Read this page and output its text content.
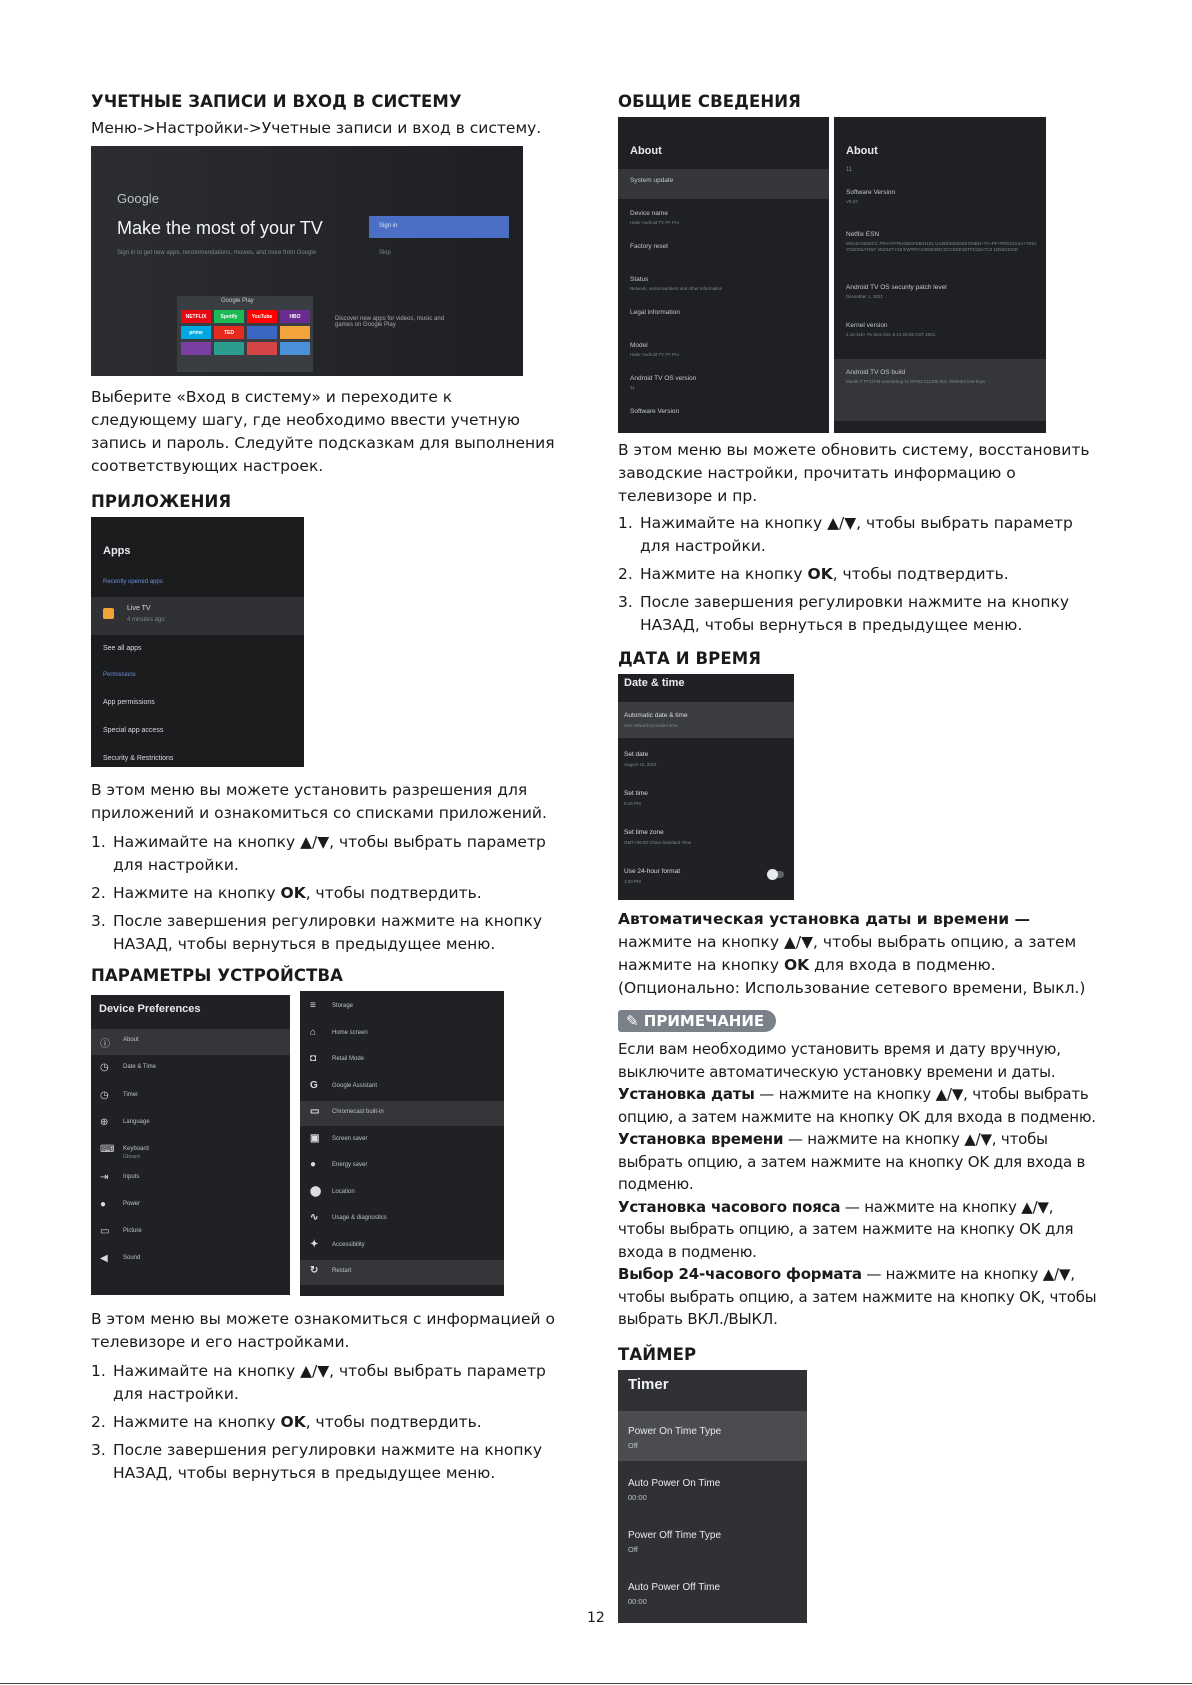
УЧЕТНЫЕ ЗАПИСИ И ВХОД В СИСТЕМУ

Меню->Настройки->Учетные записи и вход в систему.

Google
Make the most of your TV
Sign in to get new apps, recommendations, movies, and more from Google
Sign in
Skip
Google Play
NETFLIX	Spotify	YouTube	HBO
prime	TED
Discover new apps for videos, music and games on Google Play

Выберите «Вход в систему» и переходите к следующему шагу, где необходимо ввести учетную запись и пароль. Следуйте подсказкам для выполнения соответствующих настроек.

ПРИЛОЖЕНИЯ
Apps
Recently opened apps
Live TV
4 minutes ago
See all apps
Permissions
App permissions
Special app access
Security & Restrictions

В этом меню вы можете установить разрешения для приложений и ознакомиться со списками приложений.

1. Нажимайте на кнопку ▲/▼, чтобы выбрать параметр для настройки.
2. Нажмите на кнопку OK, чтобы подтвердить.
3. После завершения регулировки нажмите на кнопку НАЗАД, чтобы вернуться в предыдущее меню.
ПАРАМЕТРЫ УСТРОЙСТВА
Device Preferences
ⓘ About
◷ Date & Time
◷ Timer
⊕ Language
⌨ Keyboard
Gboard
⇥ Inputs
●	Power
▭ Picture
◀	Sound
≡	Storage
⌂	Home screen
◘	Retail Mode
G Google Assistant
▭ Chromecast built-in
▣ Screen saver
●	Energy saver
⬤ Location
∿ Usage & diagnostics
✦ Accessibility
↻ Restart

В этом меню вы можете ознакомиться с информацией о телевизоре и его настройками.

1. Нажимайте на кнопку ▲/▼, чтобы выбрать параметр для настройки.
2. Нажмите на кнопку OK, чтобы подтвердить.
3. После завершения регулировки нажмите на кнопку НАЗАД, чтобы вернуться в предыдущее меню.
ОБЩИЕ СВЕДЕНИЯ
About
System update
Device name
Haier Android TV FF Pro
Factory reset
Status
Network, serial numbers and other information
Legal information
Model
Haier Android TV FF Pro
Android TV OS version
11
Software Version
About
11
Software Version
V6.03
Netflix ESN
MSADANNDCC PFHYFFRUGBAFEB41121 UAZDhtsKEh48 DNBD+7V+PF+PRD13X4A+TE5JY03ZGBAT267 4NZ3ZTY4Z EWTFFAC9DEW3C3CCEEE1BTFC23A7C3 1D54GGGD
Android TV OS security patch level
December 1, 2021
Kernel version
4.19.116+ #1 Mon Dec 6 14:18:49 CST 2021
Android TV OS build
Model-T FT11FM-userdebug 11 RTM3.211208.001 7998454 test-keys

В этом меню вы можете обновить систему, восстановить заводские настройки, прочитать информацию о телевизоре и пр.

1. Нажимайте на кнопку ▲/▼, чтобы выбрать параметр для настройки.
2. Нажмите на кнопку OK, чтобы подтвердить.
3. После завершения регулировки нажмите на кнопку НАЗАД, чтобы вернуться в предыдущее меню.
ДАТА И ВРЕМЯ
Date & time
Automatic date & time
Use network-provided time
Set date
August 10, 2021
Set time
5:16 PM
Set time zone
GMT+08:00 China Standard Time
Use 24-hour format
1:00 PM

Автоматическая установка даты и времени — нажмите на кнопку ▲/▼, чтобы выбрать опцию, а затем нажмите на кнопку OK для входа в подменю. (Опционально: Использование сетевого времени, Выкл.)

✎ ПРИМЕЧАНИЕ

Если вам необходимо установить время и дату вручную, выключите автоматическую установку времени и даты.

Установка даты — нажмите на кнопку ▲/▼, чтобы выбрать опцию, а затем нажмите на кнопку OK для входа в подменю.

Установка времени — нажмите на кнопку ▲/▼, чтобы выбрать опцию, а затем нажмите на кнопку OK для входа в подменю.

Установка часового пояса — нажмите на кнопку ▲/▼, чтобы выбрать опцию, а затем нажмите на кнопку OK для входа в подменю.

Выбор 24-часового формата — нажмите на кнопку ▲/▼, чтобы выбрать опцию, а затем нажмите на кнопку OK, чтобы выбрать ВКЛ./ВЫКЛ.

ТАЙМЕР
Timer
Power On Time Type
Off
Auto Power On Time
00:00
Power Off Time Type
Off
Auto Power Off Time
00:00
12
